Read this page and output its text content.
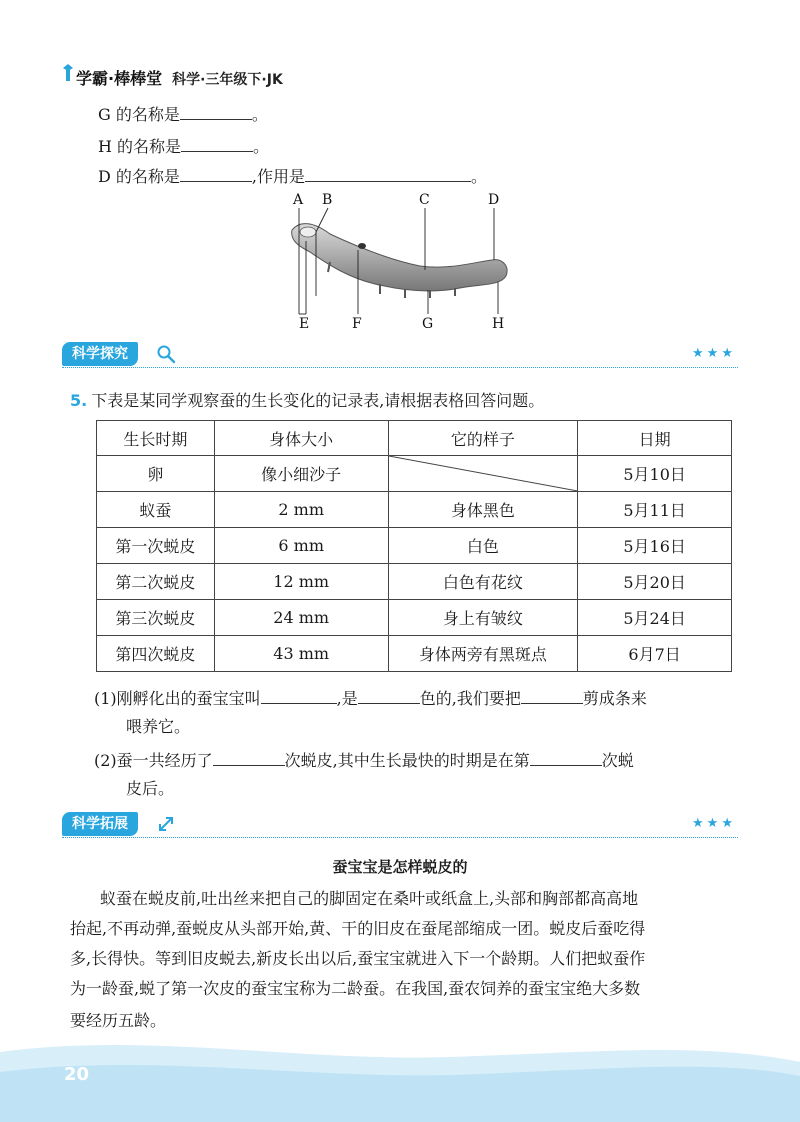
学霸·棒棒堂 科学·三年级下·JK
G 的名称是	。
H 的名称是	。
D 的名称是	,作用是	。
A B	C	D
E	F	G	H
科学探究	★★★
5. 下表是某同学观察蚕的生长变化的记录表,请根据表格回答问题。
生长时期	身体大小	它的样子	日期
卵	像小细沙子		5月10日
蚁蚕	2 mm	身体黑色	5月11日
第一次蜕皮	6 mm	白色	5月16日
第二次蜕皮	12 mm	白色有花纹	5月20日
第三次蜕皮	24 mm	身上有皱纹	5月24日
第四次蜕皮	43 mm	身体两旁有黑斑点	6月7日
(1)刚孵化出的蚕宝宝叫	,是	色的,我们要把	剪成条来
喂养它。
(2)蚕一共经历了	次蜕皮,其中生长最快的时期是在第	次蜕
皮后。
科学拓展	★★★
蚕宝宝是怎样蜕皮的
蚁蚕在蜕皮前,吐出丝来把自己的脚固定在桑叶或纸盒上,头部和胸部都高高地
抬起,不再动弹,蚕蜕皮从头部开始,黄、干的旧皮在蚕尾部缩成一团。蜕皮后蚕吃得
多,长得快。等到旧皮蜕去,新皮长出以后,蚕宝宝就进入下一个龄期。人们把蚁蚕作
为一龄蚕,蜕了第一次皮的蚕宝宝称为二龄蚕。在我国,蚕农饲养的蚕宝宝绝大多数
要经历五龄。
20
